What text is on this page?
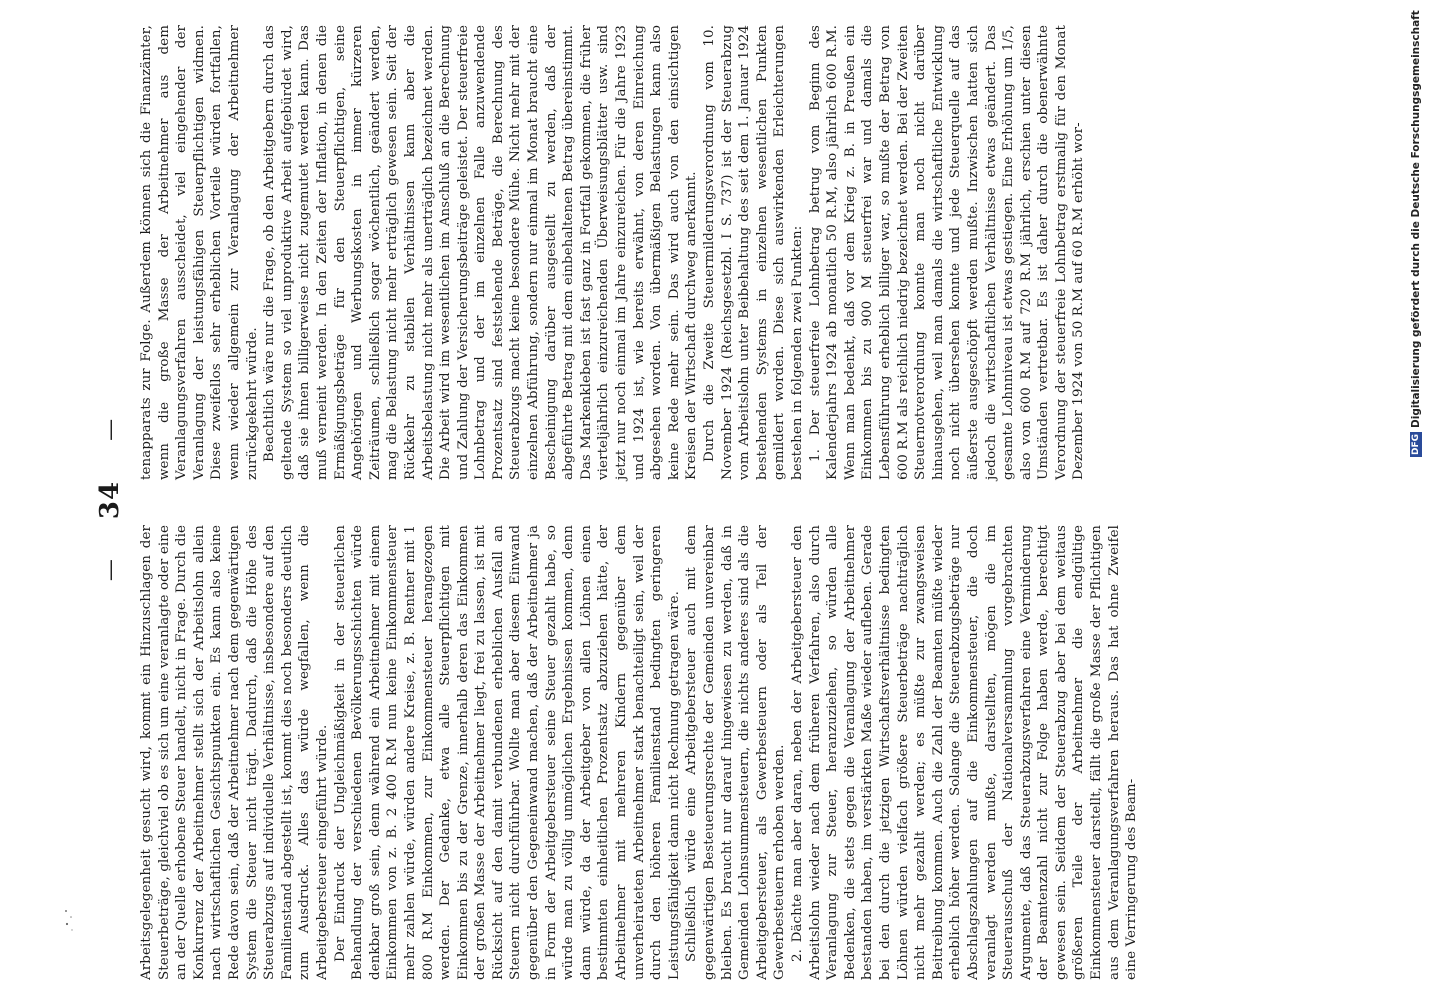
—
34
—

Arbeitsgelegenheit gesucht wird, kommt ein Hinzuschlagen der Steuerbeträge, gleichviel ob es sich um eine veranlagte oder eine an der Quelle erhobene Steuer handelt, nicht in Frage. Durch die Konkurrenz der Arbeitnehmer stellt sich der Arbeitslohn allein nach wirtschaftlichen Gesichtspunkten ein. Es kann also keine Rede davon sein, daß der Arbeitnehmer nach dem gegenwärtigen System die Steuer nicht trägt. Dadurch, daß die Höhe des Steuerabzugs auf individuelle Verhältnisse, insbesondere auf den Familienstand abgestellt ist, kommt dies noch besonders deutlich zum Ausdruck. Alles das würde wegfallen, wenn die Arbeitgebersteuer eingeführt würde. Der Eindruck der Ungleichmäßigkeit in der steuerlichen Behandlung der verschiedenen Bevölkerungsschichten würde denkbar groß sein, denn während ein Arbeitnehmer mit einem Einkommen von z. B. 2 400 R.M nun keine Einkommensteuer mehr zahlen würde, würden andere Kreise, z. B. Rentner mit 1 800 R.M Einkommen, zur Einkommensteuer herangezogen werden. Der Gedanke, etwa alle Steuerpflichtigen mit Einkommen bis zu der Grenze, innerhalb deren das Einkommen der großen Masse der Arbeitnehmer liegt, frei zu lassen, ist mit Rücksicht auf den damit verbundenen erheblichen Ausfall an Steuern nicht durchführbar. Wollte man aber diesem Einwand gegenüber den Gegeneinwand machen, daß der Arbeitnehmer ja in Form der Arbeitgebersteuer seine Steuer gezahlt habe, so würde man zu völlig unmöglichen Ergebnissen kommen, denn dann würde, da der Arbeitgeber von allen Löhnen einen bestimmten einheitlichen Prozentsatz abzuziehen hätte, der Arbeitnehmer mit mehreren Kindern gegenüber dem unverheirateten Arbeitnehmer stark benachteiligt sein, weil der durch den höheren Familienstand bedingten geringeren Leistungsfähigkeit dann nicht Rechnung getragen wäre. Schließlich würde eine Arbeitgebersteuer auch mit dem gegenwärtigen Besteuerungsrechte der Gemeinden unvereinbar bleiben. Es braucht nur darauf hingewiesen zu werden, daß in Gemeinden Lohnsummensteuern, die nichts anderes sind als die Arbeitgebersteuer, als Gewerbesteuern oder als Teil der Gewerbesteuern erhoben werden. 2. Dächte man aber daran, neben der Arbeitgebersteuer den Arbeitslohn wieder nach dem früheren Verfahren, also durch Veranlagung zur Steuer, heranzuziehen, so würden alle Bedenken, die stets gegen die Veranlagung der Arbeitnehmer bestanden haben, im verstärkten Maße wieder aufleben. Gerade bei den durch die jetzigen Wirtschaftsverhältnisse bedingten Löhnen würden vielfach größere Steuerbeträge nachträglich nicht mehr gezahlt werden; es müßte zur zwangsweisen Beitreibung kommen. Auch die Zahl der Beamten müßte wieder erheblich höher werden. Solange die Steuerabzugsbeträge nur Abschlagszahlungen auf die Einkommensteuer, die doch veranlagt werden mußte, darstellten, mögen die im Steuerausschuß der Nationalversammlung vorgebrachten Argumente, daß das Steuerabzugsverfahren eine Verminderung der Beamtenzahl nicht zur Folge haben werde, berechtigt gewesen sein. Seitdem der Steuerabzug aber bei dem weitaus größeren Teile der Arbeitnehmer die endgültige Einkommensteuer darstellt, fällt die große Masse der Pflichtigen aus dem Veranlagungsverfahren heraus. Das hat ohne Zweifel eine Verringerung des Beam-

tenapparats zur Folge. Außerdem können sich die Finanzämter, wenn die große Masse der Arbeitnehmer aus dem Veranlagungsverfahren ausscheidet, viel eingehender der Veranlagung der leistungsfähigen Steuerpflichtigen widmen. Diese zweifellos sehr erheblichen Vorteile würden fortfallen, wenn wieder allgemein zur Veranlagung der Arbeitnehmer zurückgekehrt würde. Beachtlich wäre nur die Frage, ob den Arbeitgebern durch das geltende System so viel unproduktive Arbeit aufgebürdet wird, daß sie ihnen billigerweise nicht zugemutet werden kann. Das muß verneint werden. In den Zeiten der Inflation, in denen die Ermäßigungsbeträge für den Steuerpflichtigen, seine Angehörigen und Werbungskosten in immer kürzeren Zeiträumen, schließlich sogar wöchentlich, geändert werden, mag die Belastung nicht mehr erträglich gewesen sein. Seit der Rückkehr zu stabilen Verhältnissen kann aber die Arbeitsbelastung nicht mehr als unerträglich bezeichnet werden. Die Arbeit wird im wesentlichen im Anschluß an die Berechnung und Zahlung der Versicherungsbeiträge geleistet. Der steuerfreie Lohnbetrag und der im einzelnen Falle anzuwendende Prozentsatz sind feststehende Beträge, die Berechnung des Steuerabzugs macht keine besondere Mühe. Nicht mehr mit der einzelnen Abführung, sondern nur einmal im Monat braucht eine Bescheinigung darüber ausgestellt zu werden, daß der abgeführte Betrag mit dem einbehaltenen Betrag übereinstimmt. Das Markenkleben ist fast ganz in Fortfall gekommen, die früher vierteljährlich einzureichenden Überweisungsblätter usw. sind jetzt nur noch einmal im Jahre einzureichen. Für die Jahre 1923 und 1924 ist, wie bereits erwähnt, von deren Einreichung abgesehen worden. Von übermäßigen Belastungen kann also keine Rede mehr sein. Das wird auch von den einsichtigen Kreisen der Wirtschaft durchweg anerkannt. Durch die Zweite Steuermilderungsverordnung vom 10. November 1924 (Reichsgesetzbl. I S. 737) ist der Steuerabzug vom Arbeitslohn unter Beibehaltung des seit dem 1. Januar 1924 bestehenden Systems in einzelnen wesentlichen Punkten gemildert worden. Diese sich auswirkenden Erleichterungen bestehen in folgenden zwei Punkten: 1. Der steuerfreie Lohnbetrag betrug vom Beginn des Kalenderjahrs 1924 ab monatlich 50 R.M, also jährlich 600 R.M. Wenn man bedenkt, daß vor dem Krieg z. B. in Preußen ein Einkommen bis zu 900 M steuerfrei war und damals die Lebensführung erheblich billiger war, so mußte der Betrag von 600 R.M als reichlich niedrig bezeichnet werden. Bei der Zweiten Steuernotverordnung konnte man noch nicht darüber hinausgehen, weil man damals die wirtschaftliche Entwicklung noch nicht übersehen konnte und jede Steuerquelle auf das äußerste ausgeschöpft werden mußte. Inzwischen hatten sich jedoch die wirtschaftlichen Verhältnisse etwas geändert. Das gesamte Lohnniveau ist etwas gestiegen. Eine Erhöhung um 1/5, also von 600 R.M auf 720 R.M jährlich, erschien unter diesen Umständen vertretbar. Es ist daher durch die obenerwähnte Verordnung der steuerfreie Lohnbetrag erstmalig für den Monat Dezember 1924 von 50 R.M auf 60 R.M erhöht wor-	DFG
Digitalisierung gefördert durch die Deutsche Forschungsgemeinschaft
